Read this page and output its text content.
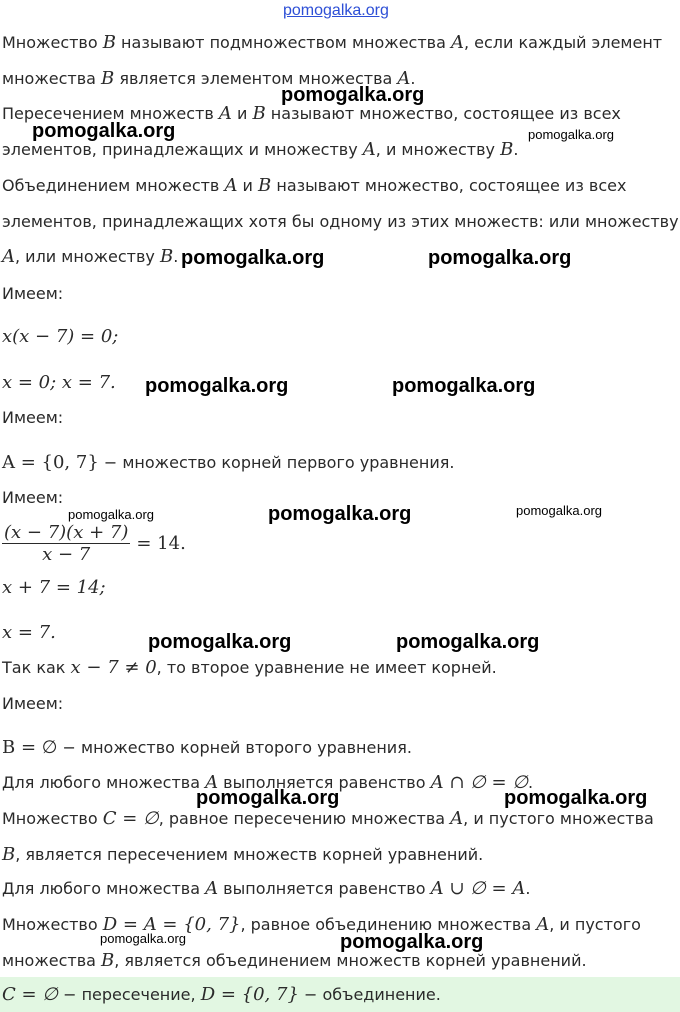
pomogalka.org
Множество B называют подмножеством множества A, если каждый элемент
множества B является элементом множества A.
Пересечением множеств A и B называют множество, состоящее из всех
элементов, принадлежащих и множеству A, и множеству B.
Объединением множеств A и B называют множество, состоящее из всех
элементов, принадлежащих хотя бы одному из этих множеств: или множеству
A, или множеству B.
Имеем:
x(x − 7) = 0;
x = 0; x = 7.
Имеем:
A = {0, 7} − множество корней первого уравнения.
Имеем:
$\frac{(x - 7)(x + 7)}{x - 7} = 14$.
x + 7 = 14;
x = 7.
Так как x − 7 ≠ 0, то второе уравнение не имеет корней.
Имеем:
B = ∅ − множество корней второго уравнения.
Для любого множества A выполняется равенство A ∩ ∅ = ∅.
Множество C = ∅, равное пересечению множества A, и пустого множества
B, является пересечением множеств корней уравнений.
Для любого множества A выполняется равенство A ∪ ∅ = A.
Множество D = A = {0, 7}, равное объединению множества A, и пустого
множества B, является объединением множеств корней уравнений.
C = ∅ − пересечение, D = {0, 7} − объединение.
pomogalka.org
pomogalka.org	pomogalka.org
pomogalka.org	pomogalka.org
pomogalka.org	pomogalka.org
pomogalka.org	pomogalka.org	pomogalka.org
pomogalka.org	pomogalka.org
pomogalka.org	pomogalka.org
pomogalka.org	pomogalka.org
